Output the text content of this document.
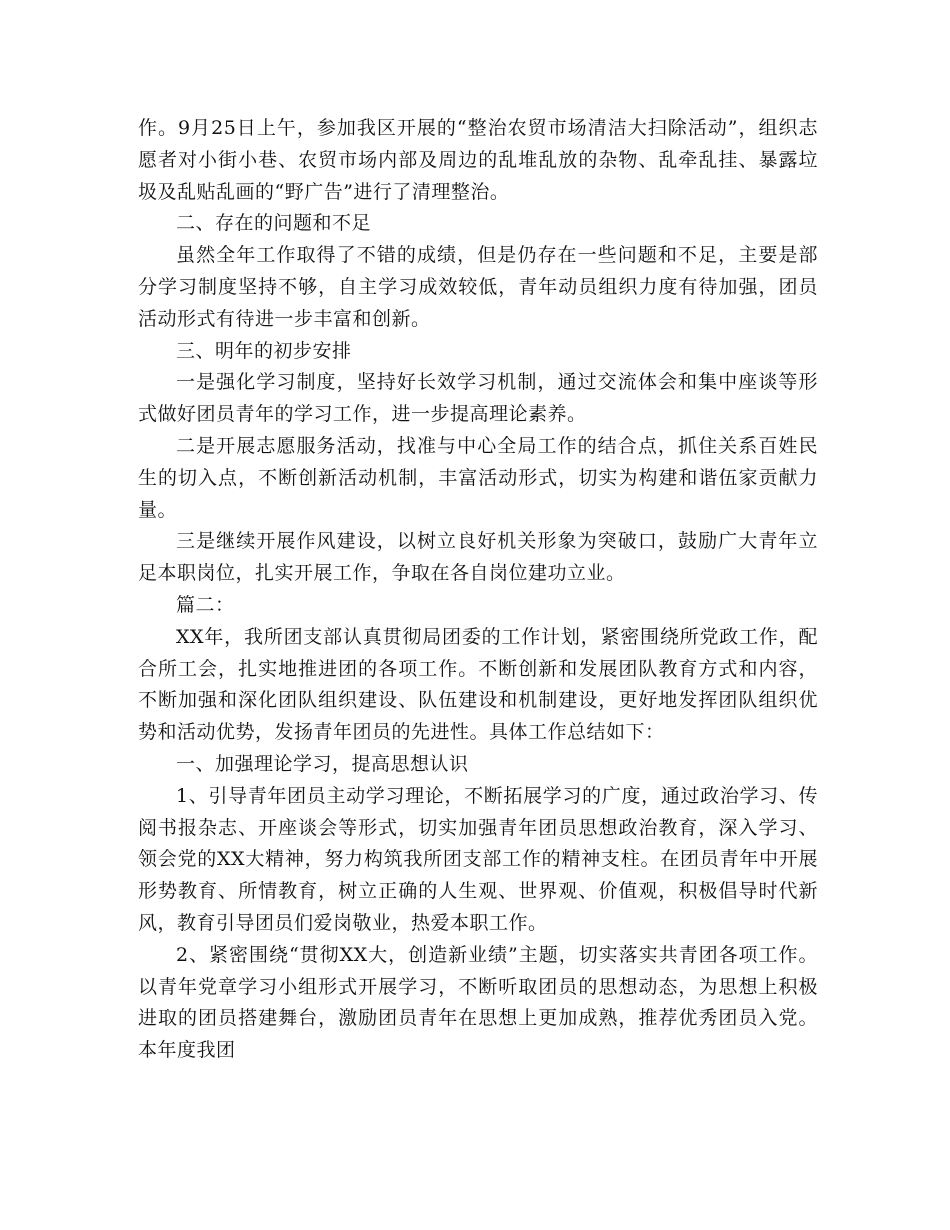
作。9月25日上午，参加我区开展的“整治农贸市场清洁大扫除活动”，组织志愿者对小街小巷、农贸市场内部及周边的乱堆乱放的杂物、乱牵乱挂、暴露垃圾及乱贴乱画的“野广告”进行了清理整治。

二、存在的问题和不足

虽然全年工作取得了不错的成绩，但是仍存在一些问题和不足，主要是部分学习制度坚持不够，自主学习成效较低，青年动员组织力度有待加强，团员活动形式有待进一步丰富和创新。

三、明年的初步安排

一是强化学习制度，坚持好长效学习机制，通过交流体会和集中座谈等形式做好团员青年的学习工作，进一步提高理论素养。

二是开展志愿服务活动，找准与中心全局工作的结合点，抓住关系百姓民生的切入点，不断创新活动机制，丰富活动形式，切实为构建和谐伍家贡献力量。

三是继续开展作风建设，以树立良好机关形象为突破口，鼓励广大青年立足本职岗位，扎实开展工作，争取在各自岗位建功立业。

篇二：

XX年，我所团支部认真贯彻局团委的工作计划，紧密围绕所党政工作，配合所工会，扎实地推进团的各项工作。不断创新和发展团队教育方式和内容，不断加强和深化团队组织建设、队伍建设和机制建设，更好地发挥团队组织优势和活动优势，发扬青年团员的先进性。具体工作总结如下：

一、加强理论学习，提高思想认识

1、引导青年团员主动学习理论，不断拓展学习的广度，通过政治学习、传阅书报杂志、开座谈会等形式，切实加强青年团员思想政治教育，深入学习、领会党的XX大精神，努力构筑我所团支部工作的精神支柱。在团员青年中开展形势教育、所情教育，树立正确的人生观、世界观、价值观，积极倡导时代新风，教育引导团员们爱岗敬业，热爱本职工作。

2、紧密围绕“贯彻XX大，创造新业绩”主题，切实落实共青团各项工作。以青年党章学习小组形式开展学习，不断听取团员的思想动态，为思想上积极进取的团员搭建舞台，激励团员青年在思想上更加成熟，推荐优秀团员入党。本年度我团
